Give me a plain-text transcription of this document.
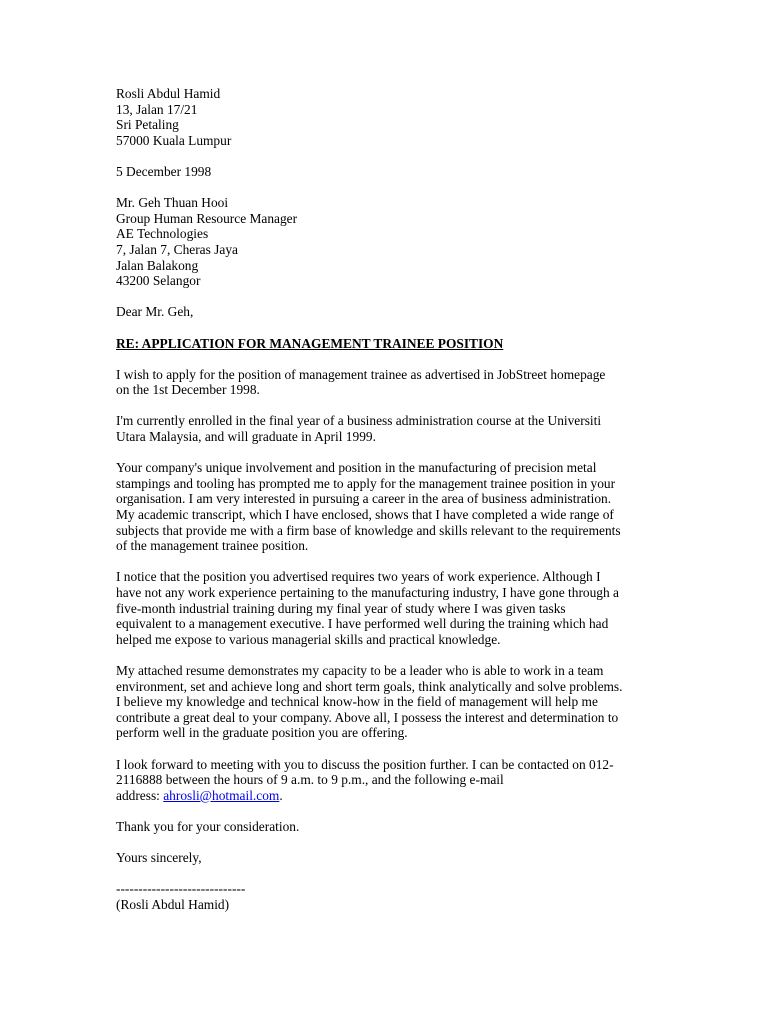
Rosli Abdul Hamid
13, Jalan 17/21
Sri Petaling
57000 Kuala Lumpur
5 December 1998
Mr. Geh Thuan Hooi
Group Human Resource Manager
AE Technologies
7, Jalan 7, Cheras Jaya
Jalan Balakong
43200 Selangor
Dear Mr. Geh,
RE: APPLICATION FOR MANAGEMENT TRAINEE POSITION
I wish to apply for the position of management trainee as advertised in JobStreet homepage
on the 1st December 1998.
I'm currently enrolled in the final year of a business administration course at the Universiti
Utara Malaysia, and will graduate in April 1999.
Your company's unique involvement and position in the manufacturing of precision metal
stampings and tooling has prompted me to apply for the management trainee position in your
organisation. I am very interested in pursuing a career in the area of business administration.
My academic transcript, which I have enclosed, shows that I have completed a wide range of
subjects that provide me with a firm base of knowledge and skills relevant to the requirements
of the management trainee position.
I notice that the position you advertised requires two years of work experience. Although I
have not any work experience pertaining to the manufacturing industry, I have gone through a
five-month industrial training during my final year of study where I was given tasks
equivalent to a management executive. I have performed well during the training which had
helped me expose to various managerial skills and practical knowledge.
My attached resume demonstrates my capacity to be a leader who is able to work in a team
environment, set and achieve long and short term goals, think analytically and solve problems.
I believe my knowledge and technical know-how in the field of management will help me
contribute a great deal to your company. Above all, I possess the interest and determination to
perform well in the graduate position you are offering.
I look forward to meeting with you to discuss the position further. I can be contacted on 012-
2116888 between the hours of 9 a.m. to 9 p.m., and the following e-mail
address: ahrosli@hotmail.com.
Thank you for your consideration.
Yours sincerely,
-----------------------------
(Rosli Abdul Hamid)
